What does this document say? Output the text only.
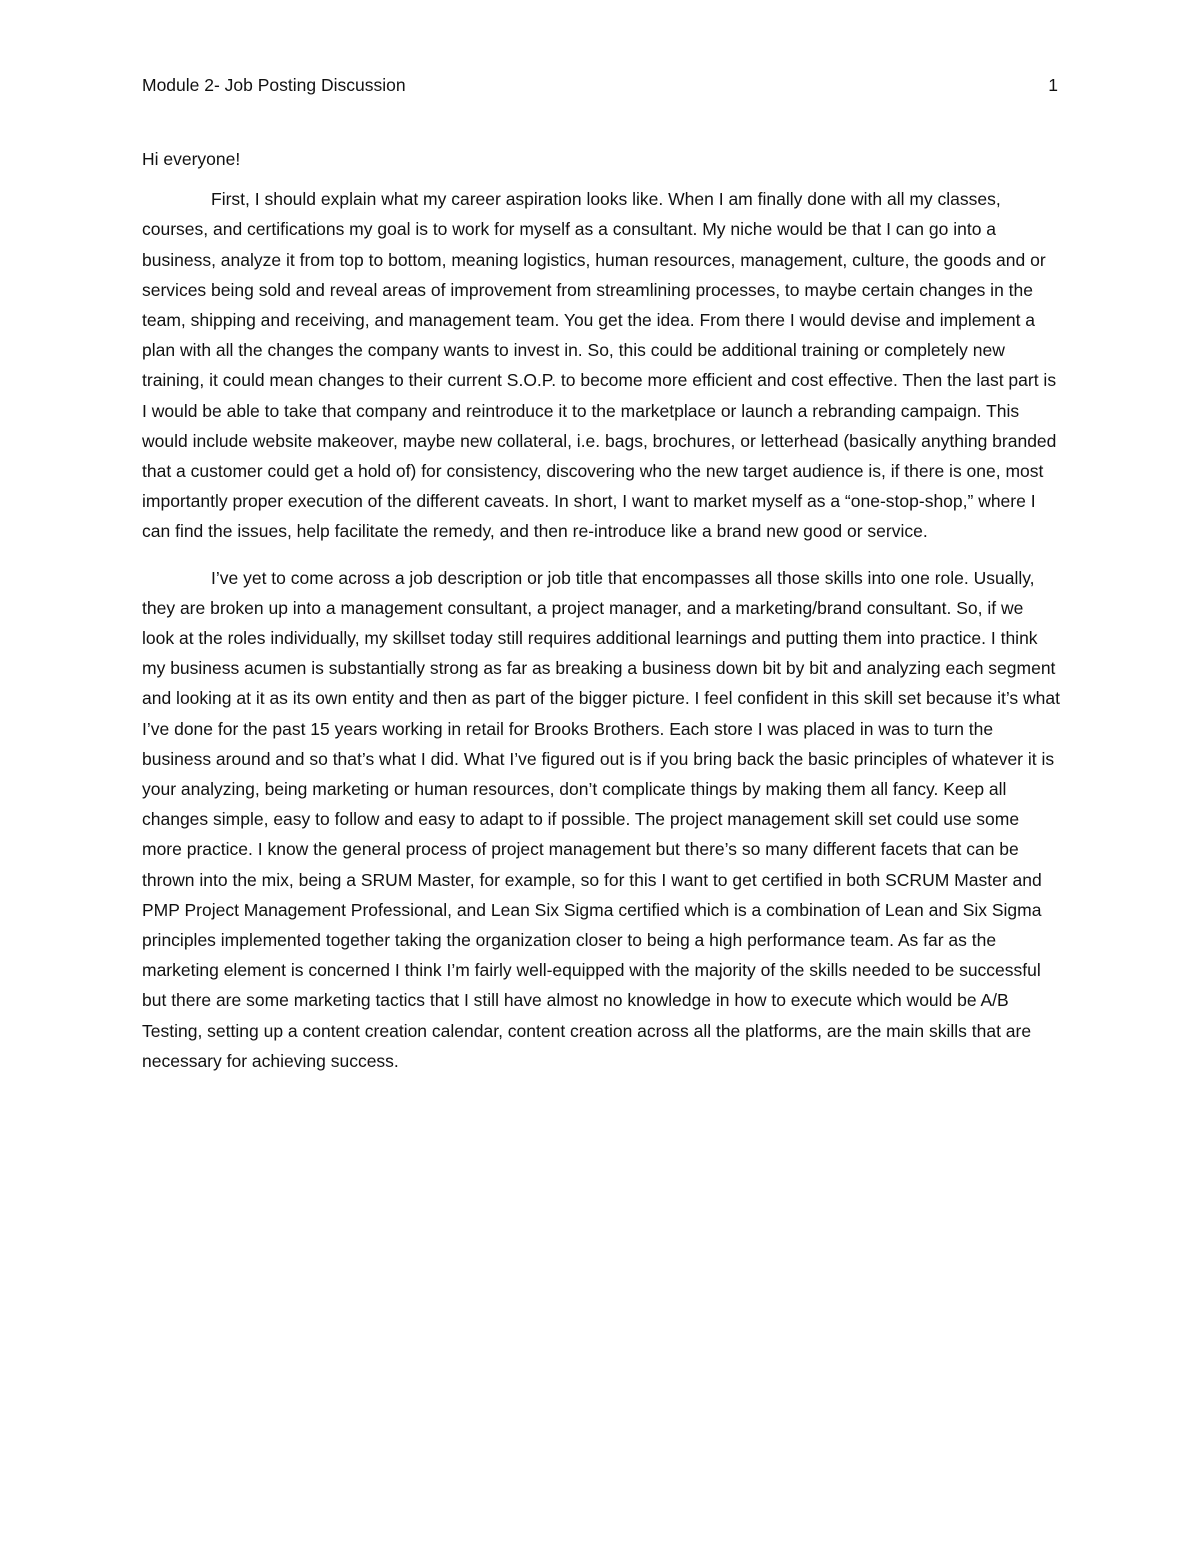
Module 2- Job Posting Discussion	1

Hi everyone!

First, I should explain what my career aspiration looks like. When I am finally done with all my classes, courses, and certifications my goal is to work for myself as a consultant. My niche would be that I can go into a business, analyze it from top to bottom, meaning logistics, human resources, management, culture, the goods and or services being sold and reveal areas of improvement from streamlining processes, to maybe certain changes in the team, shipping and receiving, and management team. You get the idea. From there I would devise and implement a plan with all the changes the company wants to invest in. So, this could be additional training or completely new training, it could mean changes to their current S.O.P. to become more efficient and cost effective. Then the last part is I would be able to take that company and reintroduce it to the marketplace or launch a rebranding campaign. This would include website makeover, maybe new collateral, i.e. bags, brochures, or letterhead (basically anything branded that a customer could get a hold of) for consistency, discovering who the new target audience is, if there is one, most importantly proper execution of the different caveats. In short, I want to market myself as a “one-stop-shop,” where I can find the issues, help facilitate the remedy, and then re-introduce like a brand new good or service.

I’ve yet to come across a job description or job title that encompasses all those skills into one role. Usually, they are broken up into a management consultant, a project manager, and a marketing/brand consultant. So, if we look at the roles individually, my skillset today still requires additional learnings and putting them into practice. I think my business acumen is substantially strong as far as breaking a business down bit by bit and analyzing each segment and looking at it as its own entity and then as part of the bigger picture. I feel confident in this skill set because it’s what I’ve done for the past 15 years working in retail for Brooks Brothers. Each store I was placed in was to turn the business around and so that’s what I did. What I’ve figured out is if you bring back the basic principles of whatever it is your analyzing, being marketing or human resources, don’t complicate things by making them all fancy. Keep all changes simple, easy to follow and easy to adapt to if possible. The project management skill set could use some more practice. I know the general process of project management but there’s so many different facets that can be thrown into the mix, being a SRUM Master, for example, so for this I want to get certified in both SCRUM Master and PMP Project Management Professional, and Lean Six Sigma certified which is a combination of Lean and Six Sigma principles implemented together taking the organization closer to being a high performance team. As far as the marketing element is concerned I think I’m fairly well-equipped with the majority of the skills needed to be successful but there are some marketing tactics that I still have almost no knowledge in how to execute which would be A/B Testing, setting up a content creation calendar, content creation across all the platforms, are the main skills that are necessary for achieving success.
